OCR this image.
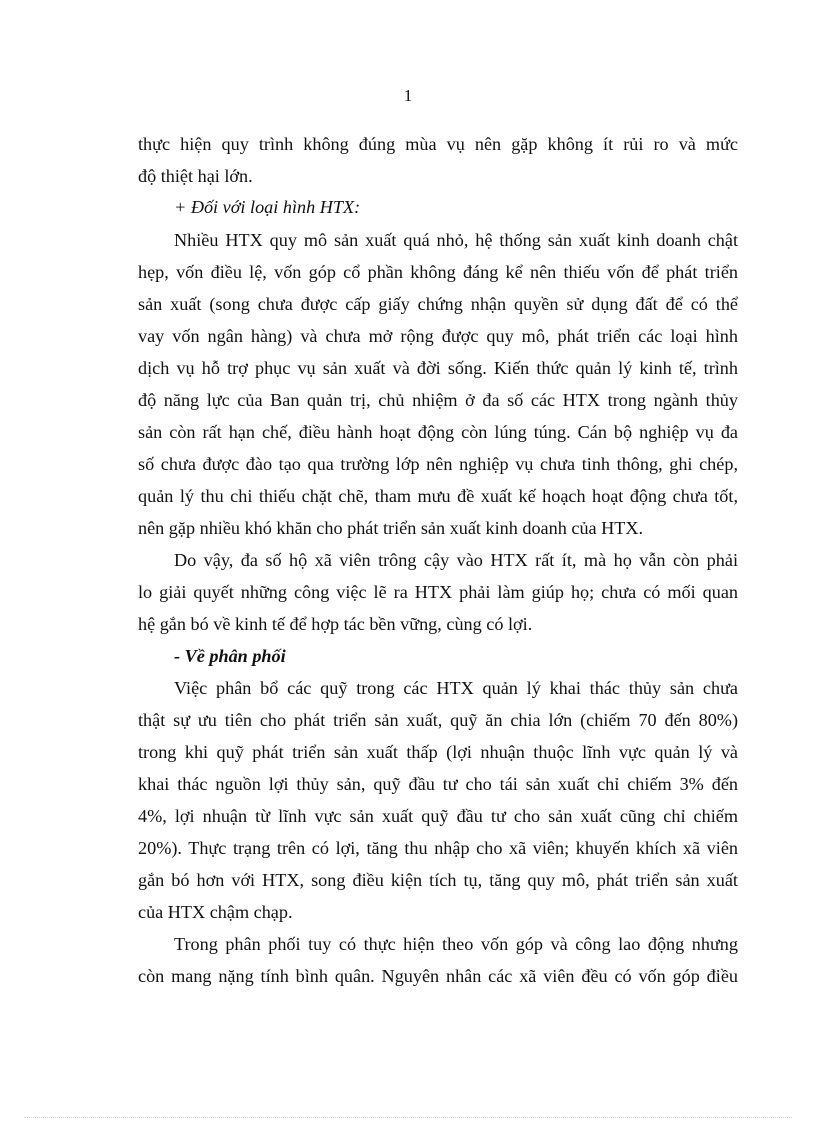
1
thực hiện quy trình không đúng mùa vụ nên gặp không ít rủi ro và mức
độ thiệt hại lớn.
+ Đối với loại hình HTX:
Nhiều HTX quy mô sản xuất quá nhỏ, hệ thống sản xuất kinh doanh chật
hẹp, vốn điều lệ, vốn góp cổ phần không đáng kể nên thiếu vốn để phát triển
sản xuất (song chưa được cấp giấy chứng nhận quyền sử dụng đất để có thể
vay vốn ngân hàng) và chưa mở rộng được quy mô, phát triển các loại hình
dịch vụ hỗ trợ phục vụ sản xuất và đời sống. Kiến thức quản lý kinh tế, trình
độ năng lực của Ban quản trị, chủ nhiệm ở đa số các HTX trong ngành thủy
sản còn rất hạn chế, điều hành hoạt động còn lúng túng. Cán bộ nghiệp vụ đa
số chưa được đào tạo qua trường lớp nên nghiệp vụ chưa tinh thông, ghi chép,
quản lý thu chi thiếu chặt chẽ, tham mưu đề xuất kế hoạch hoạt động chưa tốt,
nên gặp nhiều khó khăn cho phát triển sản xuất kinh doanh của HTX.
Do vậy, đa số hộ xã viên trông cậy vào HTX rất ít, mà họ vẫn còn phải
lo giải quyết những công việc lẽ ra HTX phải làm giúp họ; chưa có mối quan
hệ gắn bó về kinh tế để hợp tác bền vững, cùng có lợi.
- Về phân phối
Việc phân bổ các quỹ trong các HTX quản lý khai thác thủy sản chưa
thật sự ưu tiên cho phát triển sản xuất, quỹ ăn chia lớn (chiếm 70 đến 80%)
trong khi quỹ phát triển sản xuất thấp (lợi nhuận thuộc lĩnh vực quản lý và
khai thác nguồn lợi thủy sản, quỹ đầu tư cho tái sản xuất chỉ chiếm 3% đến
4%, lợi nhuận từ lĩnh vực sản xuất quỹ đầu tư cho sản xuất cũng chỉ chiếm
20%). Thực trạng trên có lợi, tăng thu nhập cho xã viên; khuyến khích xã viên
gắn bó hơn với HTX, song điều kiện tích tụ, tăng quy mô, phát triển sản xuất
của HTX chậm chạp.
Trong phân phối tuy có thực hiện theo vốn góp và công lao động nhưng
còn mang nặng tính bình quân. Nguyên nhân các xã viên đều có vốn góp điều
